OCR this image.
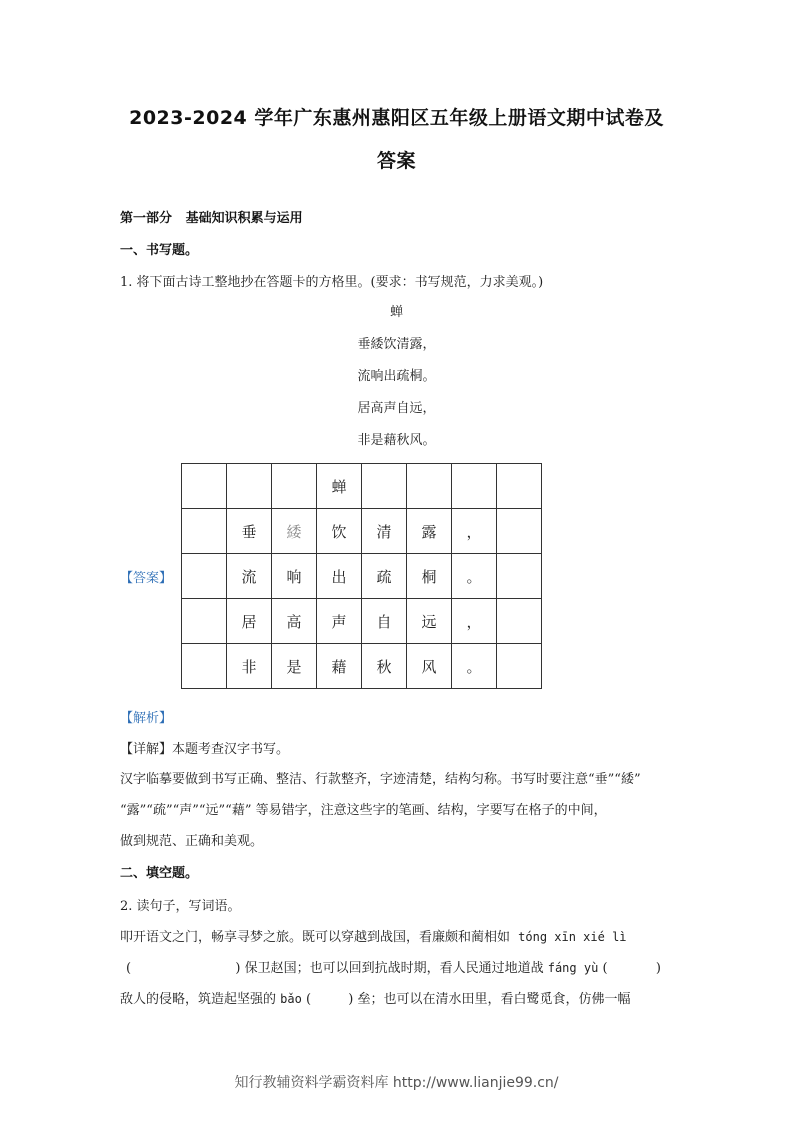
2023-2024 学年广东惠州惠阳区五年级上册语文期中试卷及
答案
第一部分   基础知识积累与运用
一、书写题。
1. 将下面古诗工整地抄在答题卡的方格里。(要求：书写规范，力求美观。)
蝉
垂緌饮清露，
流响出疏桐。
居高声自远，
非是藉秋风。
【答案】
			蝉				
	垂	緌	饮	清	露	，	
	流	响	出	疏	桐	。	
	居	高	声	自	远	，	
	非	是	藉	秋	风	。	
【解析】
【详解】本题考查汉字书写。
汉字临摹要做到书写正确、整洁、行款整齐，字迹清楚，结构匀称。书写时要注意“垂”“緌”
“露”“疏”“声”“远”“藉” 等易错字，注意这些字的笔画、结构，字要写在格子的中间，
做到规范、正确和美观。
二、填空题。
2. 读句子，写词语。
叩开语文之门，畅享寻梦之旅。既可以穿越到战国，看廉颇和蔺相如 tóng xīn xié lì
(	) 保卫赵国；也可以回到抗战时期，看人民通过地道战 fáng yù (	)
敌人的侵略，筑造起坚强的 bǎo (         ) 垒；也可以在清水田里，看白鹭觅食，仿佛一幅
知行教辅资料学霸资料库 http://www.lianjie99.cn/
